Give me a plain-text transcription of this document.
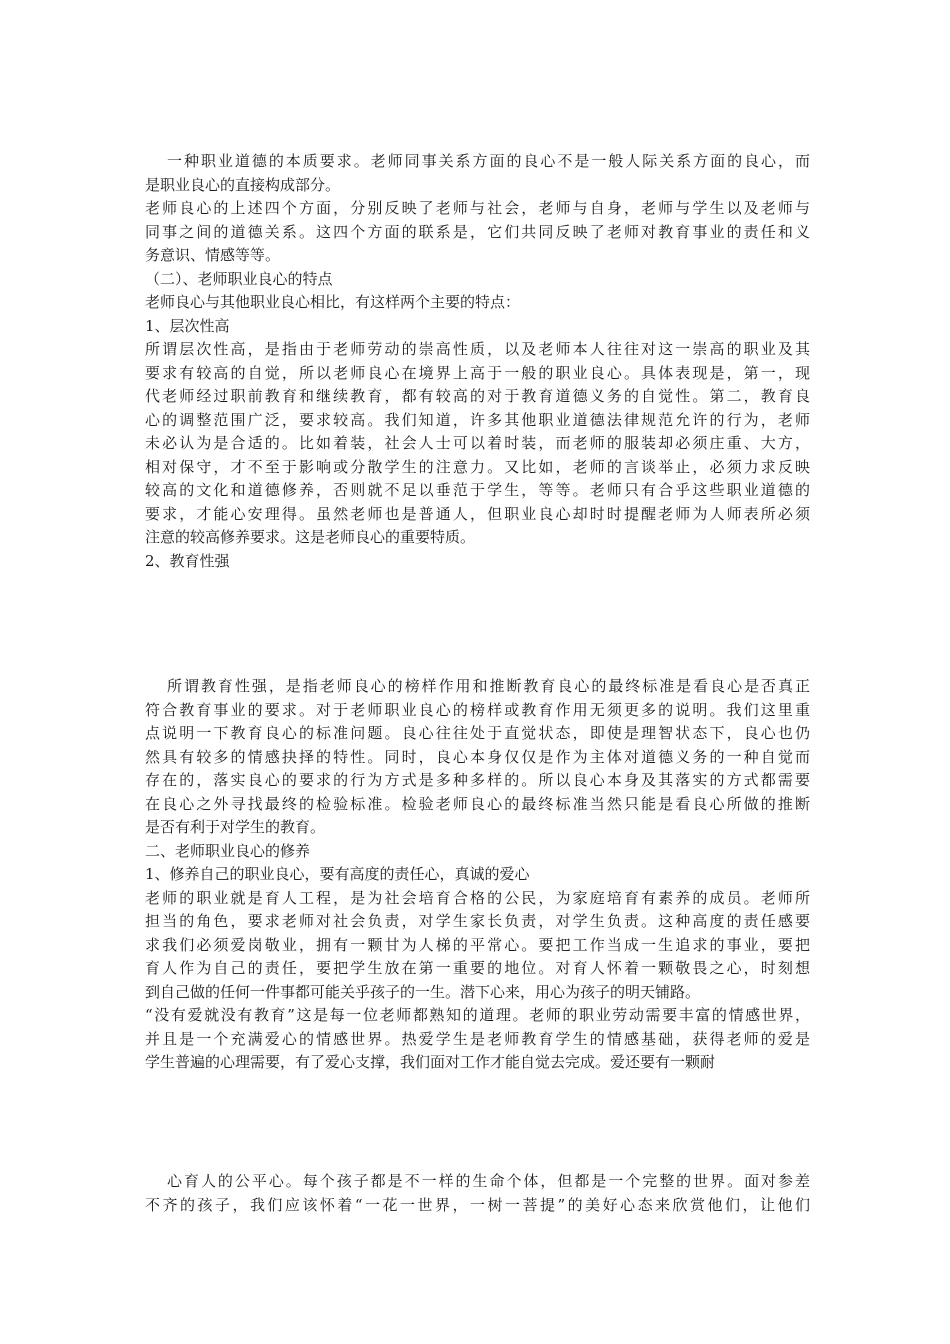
一种职业道德的本质要求。老师同事关系方面的良心不是一般人际关系方面的良心，而
是职业良心的直接构成部分。
老师良心的上述四个方面，分别反映了老师与社会，老师与自身，老师与学生以及老师与
同事之间的道德关系。这四个方面的联系是，它们共同反映了老师对教育事业的责任和义
务意识、情感等等。
（二）、老师职业良心的特点
老师良心与其他职业良心相比，有这样两个主要的特点：
1、层次性高
所谓层次性高，是指由于老师劳动的崇高性质，以及老师本人往往对这一崇高的职业及其
要求有较高的自觉，所以老师良心在境界上高于一般的职业良心。具体表现是，第一，现
代老师经过职前教育和继续教育，都有较高的对于教育道德义务的自觉性。第二，教育良
心的调整范围广泛，要求较高。我们知道，许多其他职业道德法律规范允许的行为，老师
未必认为是合适的。比如着装，社会人士可以着时装，而老师的服装却必须庄重、大方，
相对保守，才不至于影响或分散学生的注意力。又比如，老师的言谈举止，必须力求反映
较高的文化和道德修养，否则就不足以垂范于学生，等等。老师只有合乎这些职业道德的
要求，才能心安理得。虽然老师也是普通人，但职业良心却时时提醒老师为人师表所必须
注意的较高修养要求。这是老师良心的重要特质。
2、教育性强
所谓教育性强，是指老师良心的榜样作用和推断教育良心的最终标准是看良心是否真正
符合教育事业的要求。对于老师职业良心的榜样或教育作用无须更多的说明。我们这里重
点说明一下教育良心的标准问题。良心往往处于直觉状态，即使是理智状态下，良心也仍
然具有较多的情感抉择的特性。同时，良心本身仅仅是作为主体对道德义务的一种自觉而
存在的，落实良心的要求的行为方式是多种多样的。所以良心本身及其落实的方式都需要
在良心之外寻找最终的检验标准。检验老师良心的最终标准当然只能是看良心所做的推断
是否有利于对学生的教育。
二、老师职业良心的修养
1、修养自己的职业良心，要有高度的责任心，真诚的爱心
老师的职业就是育人工程，是为社会培育合格的公民，为家庭培育有素养的成员。老师所
担当的角色，要求老师对社会负责，对学生家长负责，对学生负责。这种高度的责任感要
求我们必须爱岗敬业，拥有一颗甘为人梯的平常心。要把工作当成一生追求的事业，要把
育人作为自己的责任，要把学生放在第一重要的地位。对育人怀着一颗敬畏之心，时刻想
到自己做的任何一件事都可能关乎孩子的一生。潜下心来，用心为孩子的明天铺路。
“没有爱就没有教育”这是每一位老师都熟知的道理。老师的职业劳动需要丰富的情感世界，
并且是一个充满爱心的情感世界。热爱学生是老师教育学生的情感基础，获得老师的爱是
学生普遍的心理需要，有了爱心支撑，我们面对工作才能自觉去完成。爱还要有一颗耐
心育人的公平心。每个孩子都是不一样的生命个体，但都是一个完整的世界。面对参差
不齐的孩子，我们应该怀着“一花一世界，一树一菩提”的美好心态来欣赏他们，让他们
